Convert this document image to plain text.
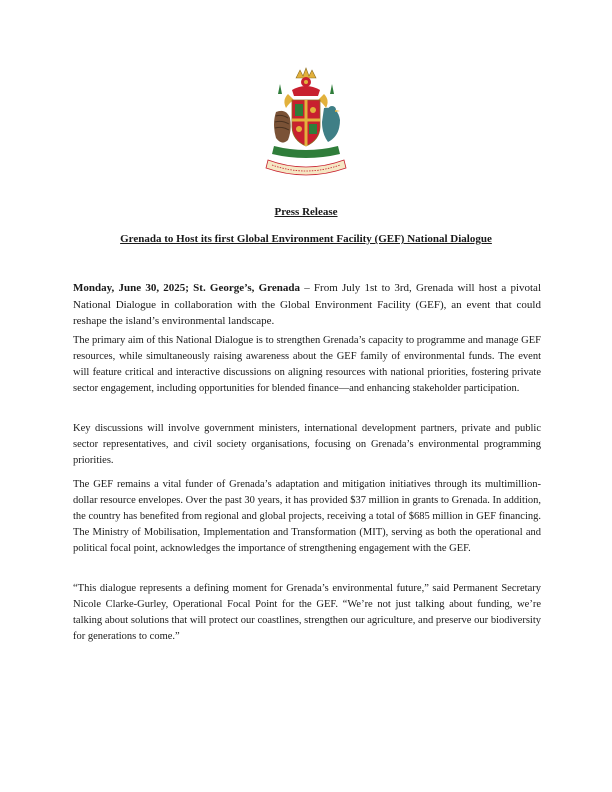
Press Release
Grenada to Host its first Global Environment Facility (GEF) National Dialogue

Monday, June 30, 2025; St. George’s, Grenada – From July 1st to 3rd, Grenada will host a pivotal National Dialogue in collaboration with the Global Environment Facility (GEF), an event that could reshape the island’s environmental landscape.

The primary aim of this National Dialogue is to strengthen Grenada’s capacity to programme and manage GEF resources, while simultaneously raising awareness about the GEF family of environmental funds. The event will feature critical and interactive discussions on aligning resources with national priorities, fostering private sector engagement, including opportunities for blended finance—and enhancing stakeholder participation.

Key discussions will involve government ministers, international development partners, private and public sector representatives, and civil society organisations, focusing on Grenada’s environmental programming priorities.

The GEF remains a vital funder of Grenada’s adaptation and mitigation initiatives through its multimillion-dollar resource envelopes. Over the past 30 years, it has provided $37 million in grants to Grenada. In addition, the country has benefited from regional and global projects, receiving a total of $685 million in GEF financing. The Ministry of Mobilisation, Implementation and Transformation (MIT), serving as both the operational and political focal point, acknowledges the importance of strengthening engagement with the GEF.

“This dialogue represents a defining moment for Grenada’s environmental future,” said Permanent Secretary Nicole Clarke-Gurley, Operational Focal Point for the GEF. “We’re not just talking about funding, we’re talking about solutions that will protect our coastlines, strengthen our agriculture, and preserve our biodiversity for generations to come.”
